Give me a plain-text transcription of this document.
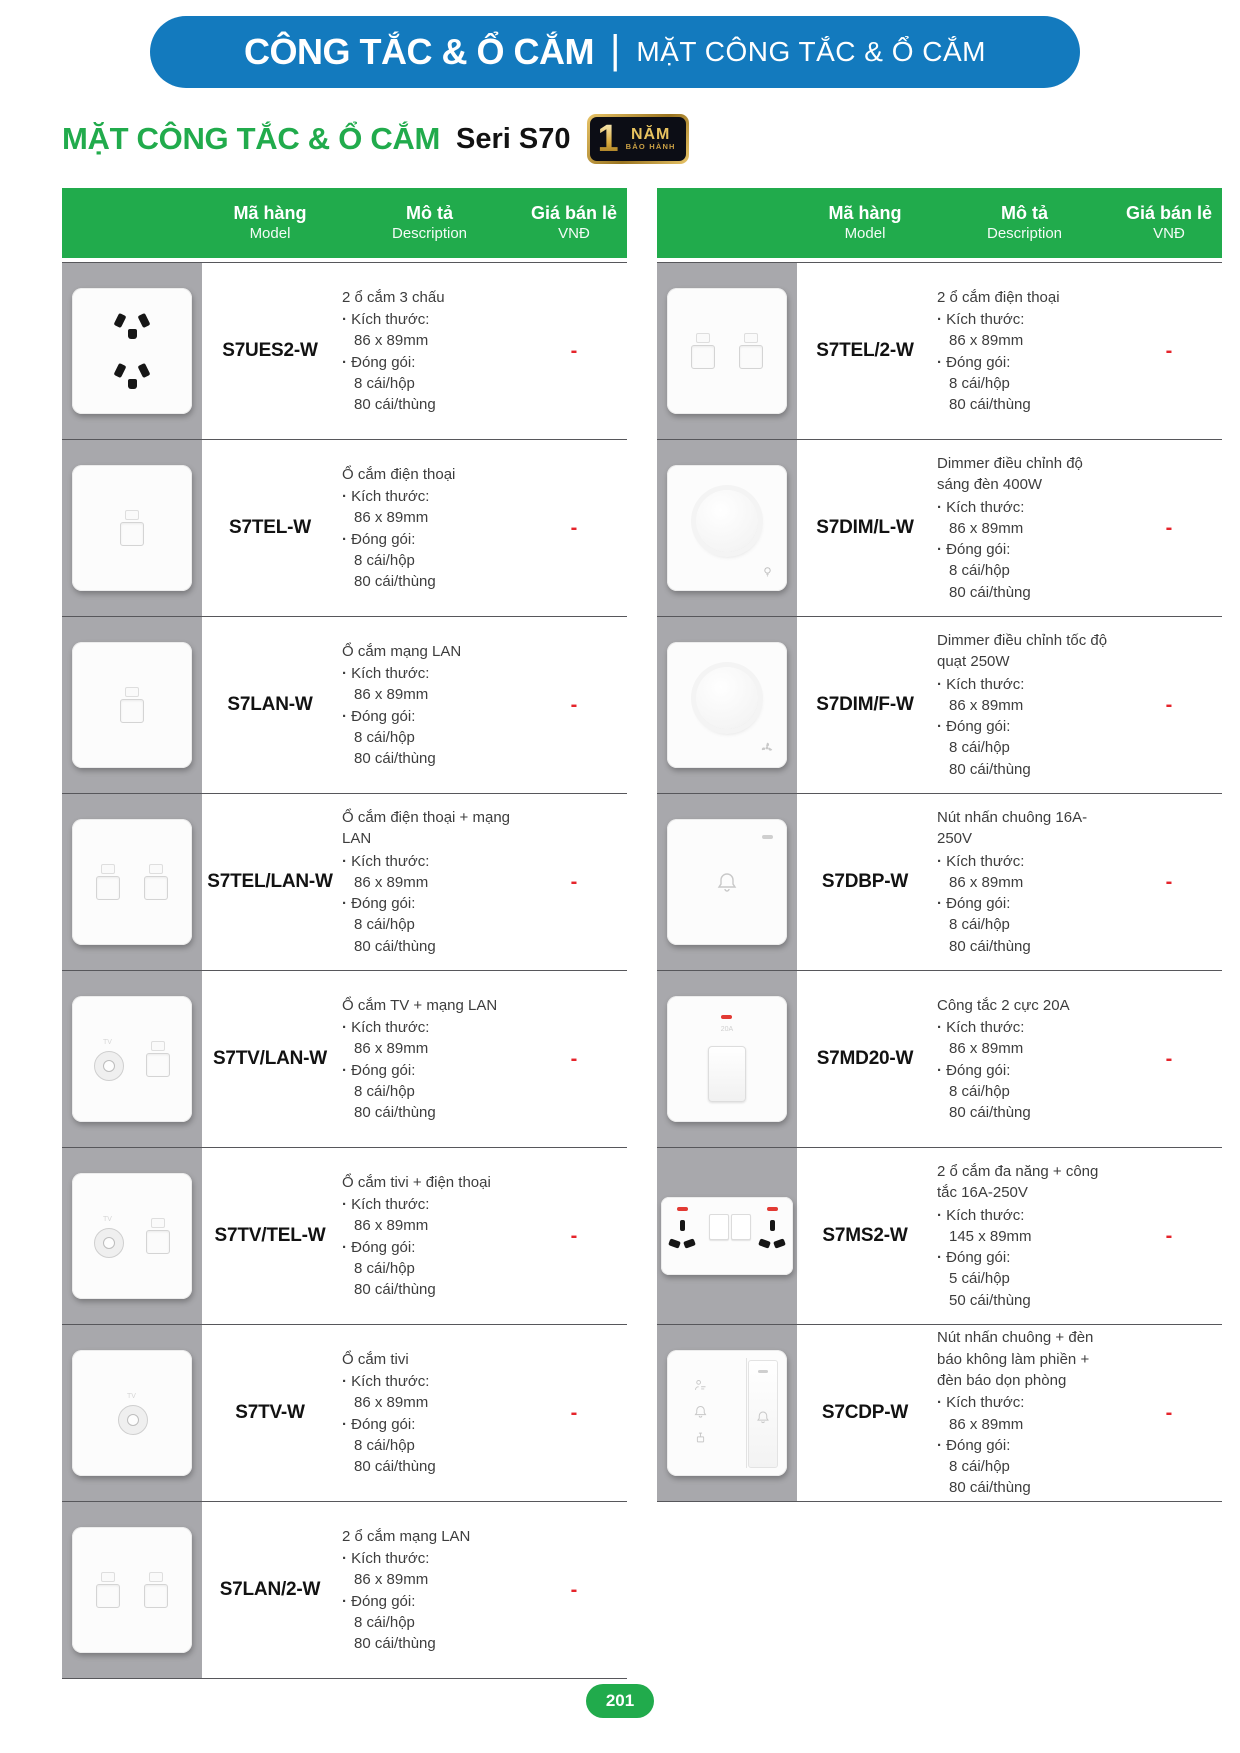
CÔNG TẮC & Ổ CẮM | MẶT CÔNG TẮC & Ổ CẮM
MẶT CÔNG TẮC & Ổ CẮM Seri S70 1 NĂM
BẢO HÀNH
Mã hàng
Model
Mô tả
Description
Giá bán lẻ
VNĐ
S7UES2-W
2 ổ cắm 3 chấu
· Kích thước:
86 x 89mm
· Đóng gói:
8 cái/hộp
80 cái/thùng
-
S7TEL-W
Ổ cắm điện thoại
· Kích thước:
86 x 89mm
· Đóng gói:
8 cái/hộp
80 cái/thùng
-
S7LAN-W
Ổ cắm mạng LAN
· Kích thước:
86 x 89mm
· Đóng gói:
8 cái/hộp
80 cái/thùng
-
S7TEL/LAN-W
Ổ cắm điện thoại + mạng LAN
· Kích thước:
86 x 89mm
· Đóng gói:
8 cái/hộp
80 cái/thùng
-
TV
S7TV/LAN-W
Ổ cắm TV + mạng LAN
· Kích thước:
86 x 89mm
· Đóng gói:
8 cái/hộp
80 cái/thùng
-
TV
S7TV/TEL-W
Ổ cắm tivi + điện thoại
· Kích thước:
86 x 89mm
· Đóng gói:
8 cái/hộp
80 cái/thùng
-
TV
S7TV-W
Ổ cắm tivi
· Kích thước:
86 x 89mm
· Đóng gói:
8 cái/hộp
80 cái/thùng
-
S7LAN/2-W
2 ổ cắm mạng LAN
· Kích thước:
86 x 89mm
· Đóng gói:
8 cái/hộp
80 cái/thùng
-
Mã hàng
Model
Mô tả
Description
Giá bán lẻ
VNĐ
S7TEL/2-W
2 ổ cắm điện thoại
· Kích thước:
86 x 89mm
· Đóng gói:
8 cái/hộp
80 cái/thùng
-
S7DIM/L-W
Dimmer điều chỉnh độ sáng đèn 400W
· Kích thước:
86 x 89mm
· Đóng gói:
8 cái/hộp
80 cái/thùng
-
S7DIM/F-W
Dimmer điều chỉnh tốc độ quạt 250W
· Kích thước:
86 x 89mm
· Đóng gói:
8 cái/hộp
80 cái/thùng
-
S7DBP-W
Nút nhấn chuông 16A-250V
· Kích thước:
86 x 89mm
· Đóng gói:
8 cái/hộp
80 cái/thùng
-
20A
S7MD20-W
Công tắc 2 cực 20A
· Kích thước:
86 x 89mm
· Đóng gói:
8 cái/hộp
80 cái/thùng
-
S7MS2-W
2 ổ cắm đa năng + công tắc 16A-250V
· Kích thước:
145 x 89mm
· Đóng gói:
5 cái/hộp
50 cái/thùng
-
S7CDP-W
Nút nhấn chuông + đèn báo không làm phiền + đèn báo dọn phòng
· Kích thước:
86 x 89mm
· Đóng gói:
8 cái/hộp
80 cái/thùng
-
201
